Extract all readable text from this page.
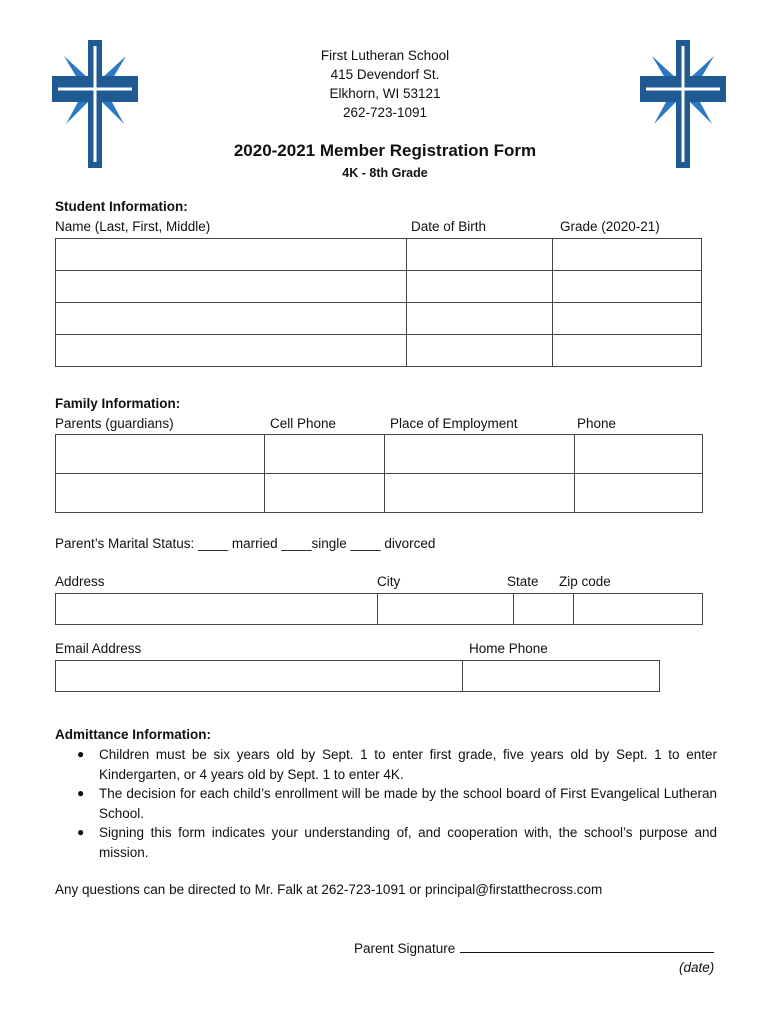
First Lutheran School
415 Devendorf St.
Elkhorn, WI 53121
262-723-1091
2020-2021 Member Registration Form
4K - 8th Grade
Student Information:
Name (Last, First, Middle)	Date of Birth	Grade (2020-21)

Family Information:
Parents (guardians)	Cell Phone	Place of Employment	Phone

Parent’s Marital Status: ____ married ____single ____ divorced
Address	City	State Zip code

Email Address	Home Phone

Admittance Information:
● Children must be six years old by Sept. 1 to enter first grade, five years old by Sept. 1 to enter Kindergarten, or 4 years old by Sept. 1 to enter 4K.
● The decision for each child’s enrollment will be made by the school board of First Evangelical Lutheran School.
● Signing this form indicates your understanding of, and cooperation with, the school’s purpose and mission.
Any questions can be directed to Mr. Falk at 262-723-1091 or principal@firstatthecross.com
Parent Signature
(date)
